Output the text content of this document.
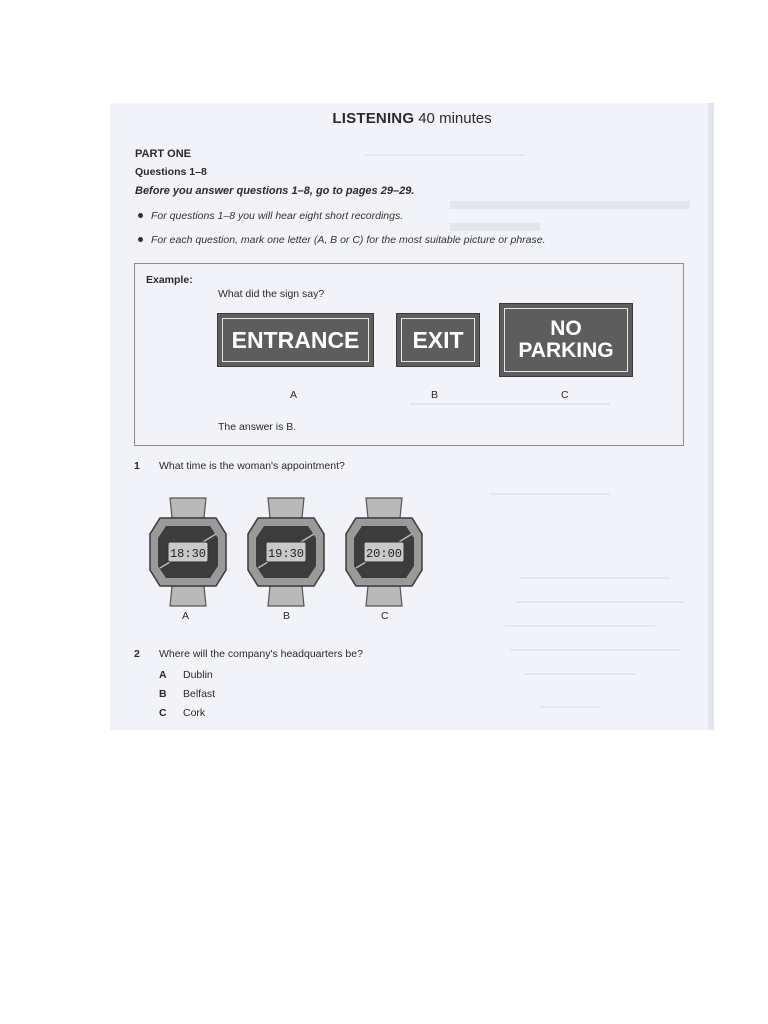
LISTENING 40 minutes
PART ONE
Questions 1–8
Before you answer questions 1–8, go to pages 29–29.
For questions 1–8 you will hear eight short recordings.
For each question, mark one letter (A, B or C) for the most suitable picture or phrase.
Example:
What did the sign say?
ENTRANCE EXIT	NO
PARKING
A	B	C
The answer is B.
1 What time is the woman's appointment?
18:30	19:30	20:00
A	B	C
2 Where will the company's headquarters be?
A Dublin
B Belfast
C Cork
